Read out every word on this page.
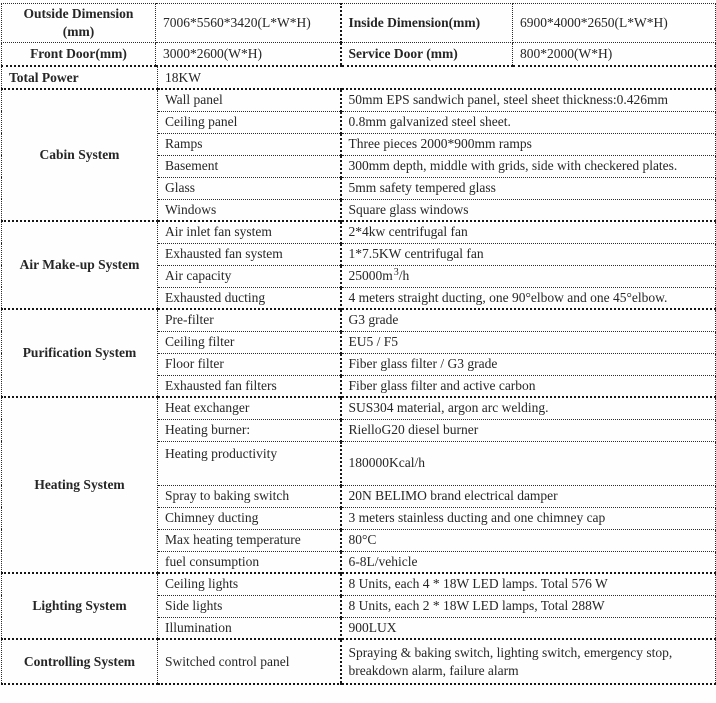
Outside Dimension (mm)	7006*5560*3420(L*W*H)	Inside Dimension(mm)	6900*4000*2650(L*W*H)
Front Door(mm)	3000*2600(W*H)	Service Door (mm)	800*2000(W*H)
Total Power	18KW	
Cabin System	Wall panel	50mm EPS sandwich panel, steel sheet thickness:0.426mm
	Ceiling panel	0.8mm galvanized steel sheet.
	Ramps	Three pieces 2000*900mm ramps
	Basement	300mm depth, middle with grids, side with checkered plates.
	Glass	5mm safety tempered glass
	Windows	Square glass windows
Air Make-up System	Air inlet fan system	2*4kw centrifugal fan
	Exhausted fan system	1*7.5KW centrifugal fan
	Air capacity	$25000m^3/h$
	Exhausted ducting	4 meters straight ducting, one 90°elbow and one 45°elbow.
Purification System	Pre-filter	G3 grade
	Ceiling filter	EU5 / F5
	Floor filter	Fiber glass filter / G3 grade
	Exhausted fan filters	Fiber glass filter and active carbon
Heating System	Heat exchanger	SUS304 material, argon arc welding.
	Heating burner:	RielloG20 diesel burner
	Heating productivity	180000Kcal/h
	Spray to baking switch	20N BELIMO brand electrical damper
	Chimney ducting	3 meters stainless ducting and one chimney cap
	Max heating temperature	80°C
	fuel consumption	6-8L/vehicle
Lighting System	Ceiling lights	8 Units, each 4 * 18W LED lamps. Total 576 W
	Side lights	8 Units, each 2 * 18W LED lamps, Total 288W
	Illumination	900LUX
Controlling System	Switched control panel	Spraying & baking switch, lighting switch, emergency stop, breakdown alarm, failure alarm
